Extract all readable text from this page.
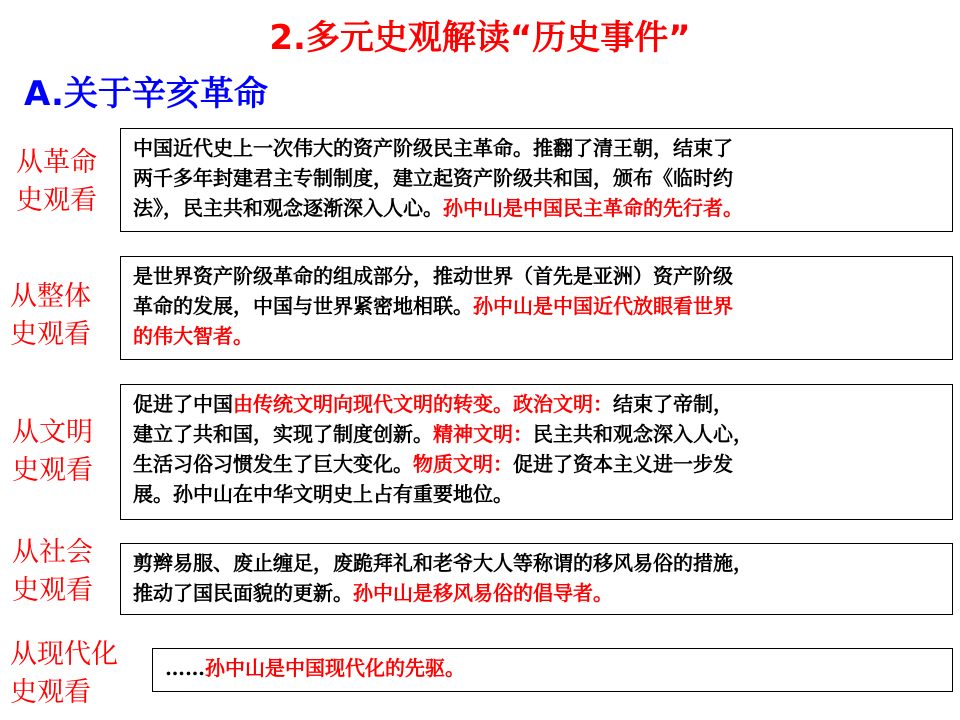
2.多元史观解读“历史事件”
A.关于辛亥革命
从革命
史观看
中国近代史上一次伟大的资产阶级民主革命。推翻了清王朝，结束了
两千多年封建君主专制制度，建立起资产阶级共和国，颁布《临时约
法》，民主共和观念逐渐深入人心。孙中山是中国民主革命的先行者。
从整体
史观看
是世界资产阶级革命的组成部分，推动世界（首先是亚洲）资产阶级
革命的发展，中国与世界紧密地相联。孙中山是中国近代放眼看世界
的伟大智者。
从文明
史观看
促进了中国由传统文明向现代文明的转变。政治文明：结束了帝制，
建立了共和国，实现了制度创新。精神文明：民主共和观念深入人心，
生活习俗习惯发生了巨大变化。物质文明：促进了资本主义进一步发
展。孙中山在中华文明史上占有重要地位。
从社会
史观看
剪辫易服、废止缠足，废跪拜礼和老爷大人等称谓的移风易俗的措施，
推动了国民面貌的更新。孙中山是移风易俗的倡导者。
从现代化
史观看
……孙中山是中国现代化的先驱。
